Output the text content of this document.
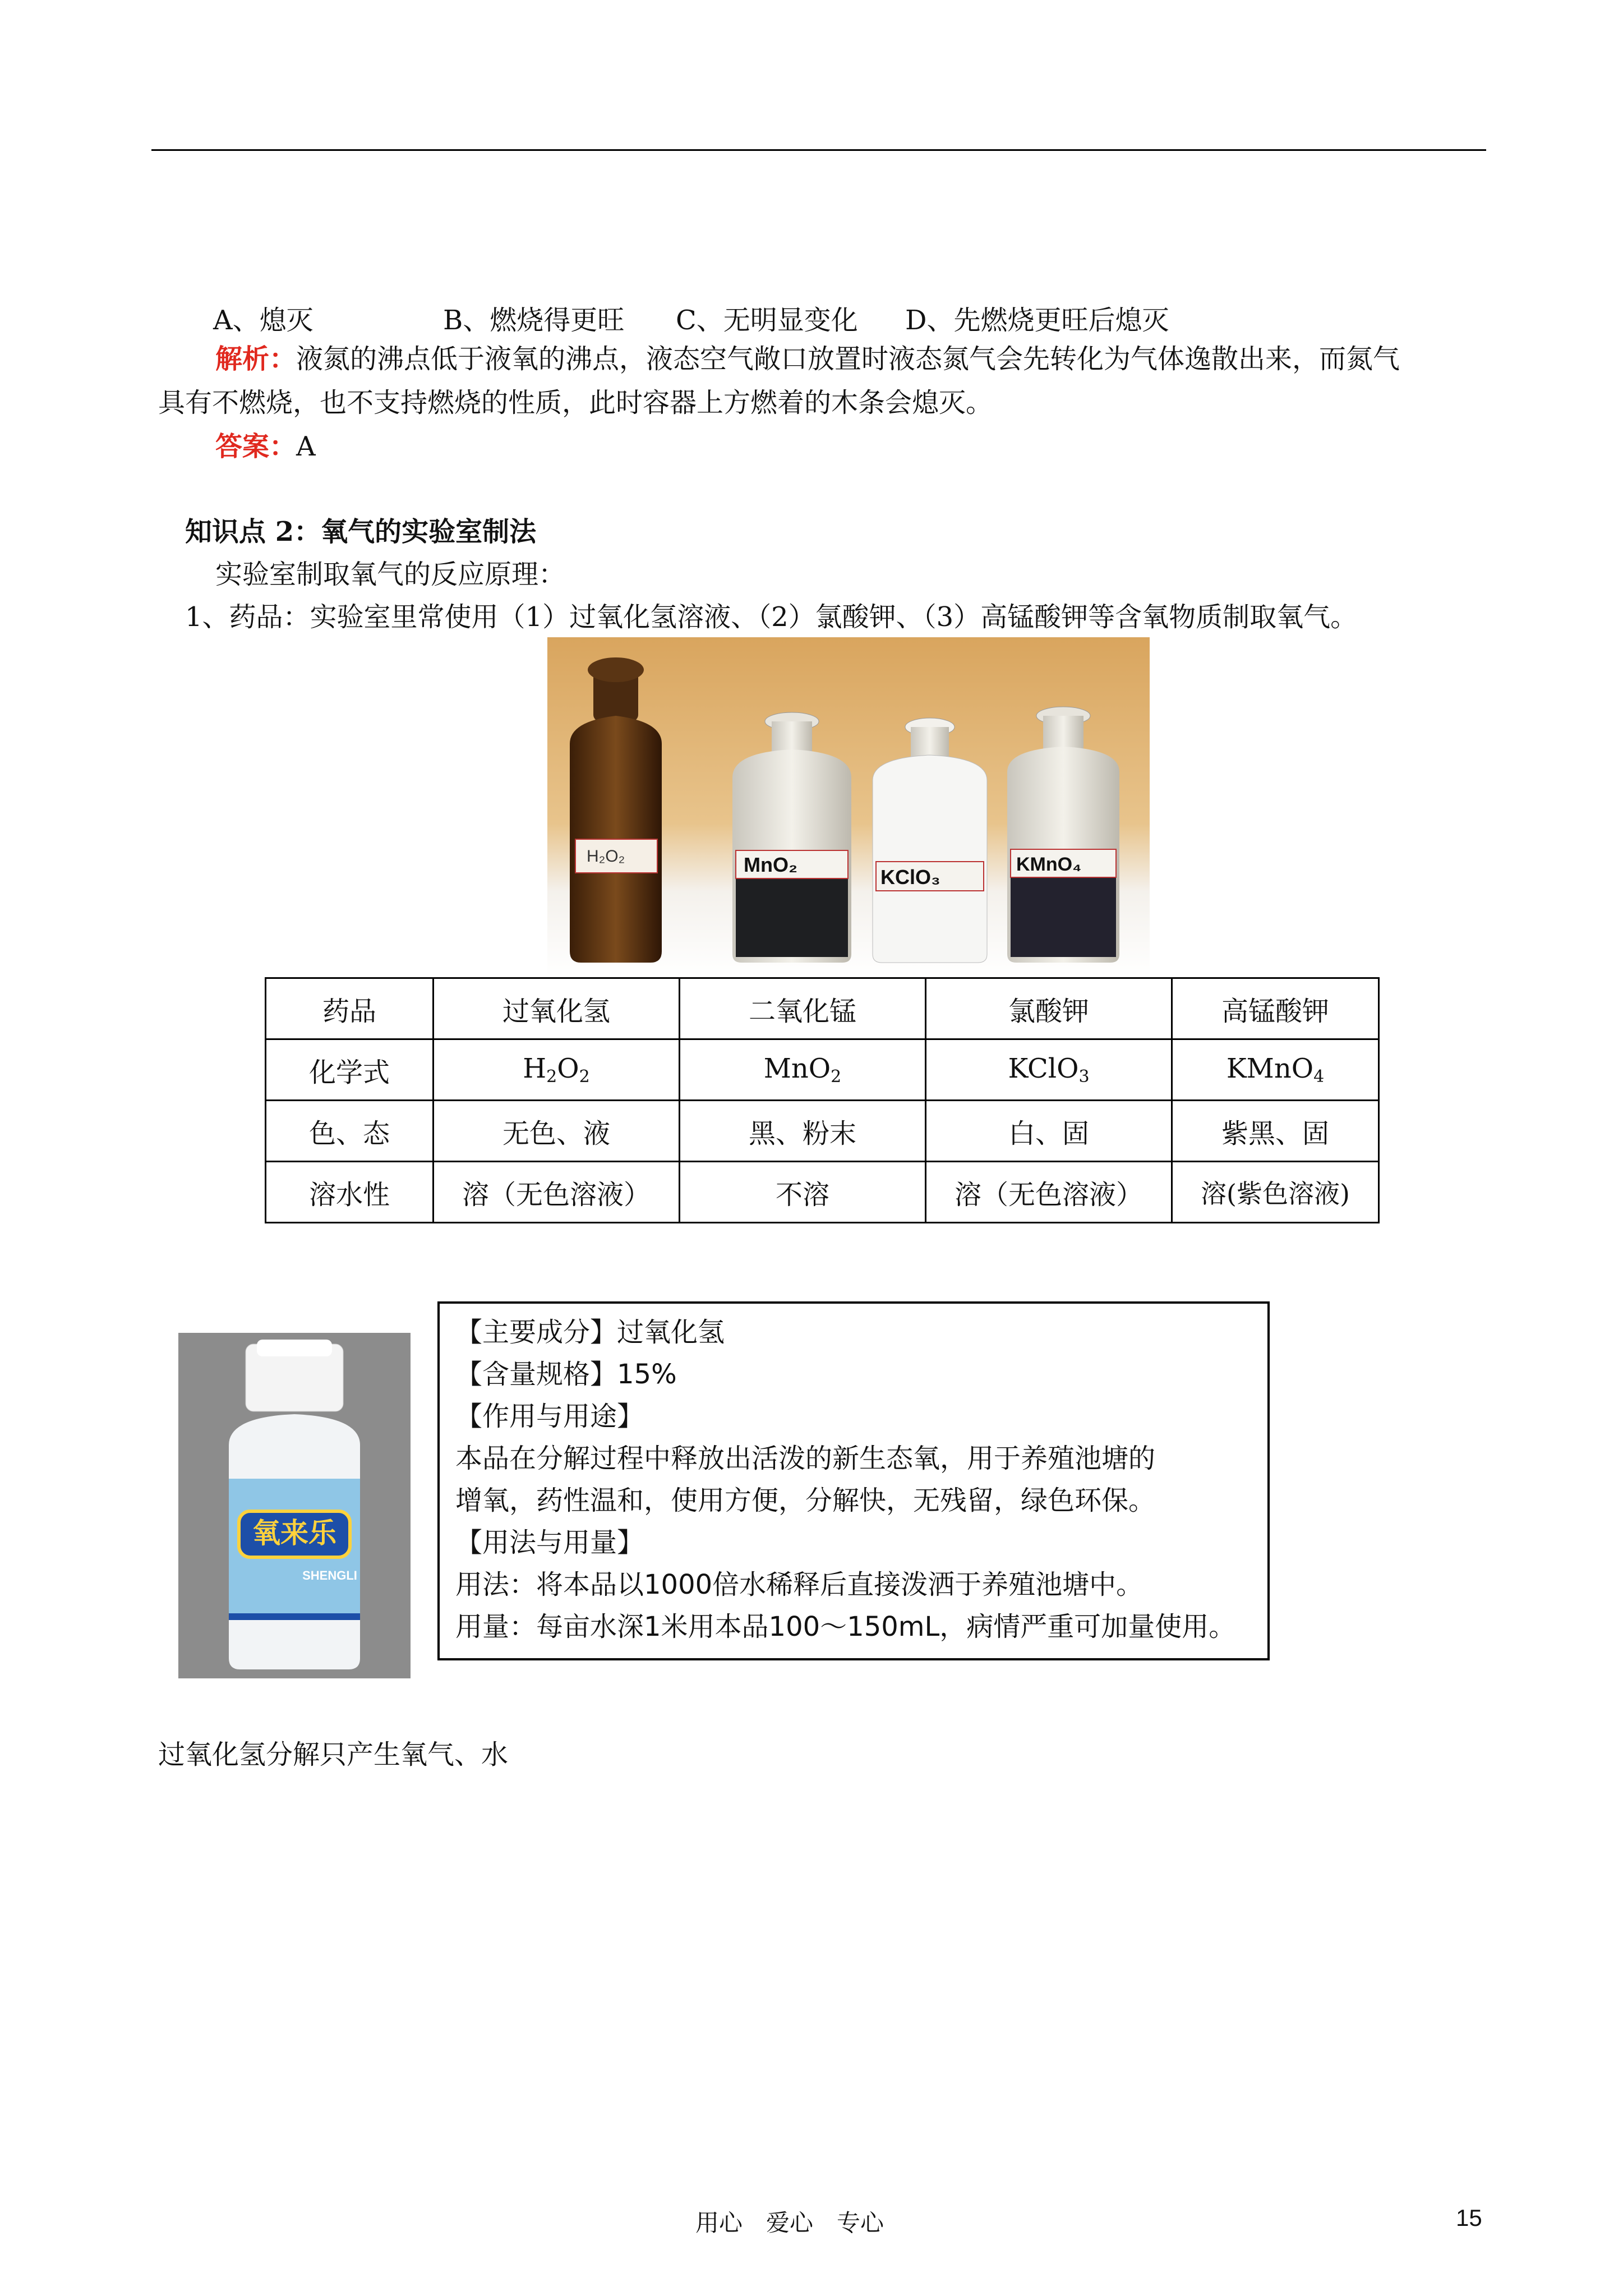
A、熄灭	B、燃烧得更旺 C、无明显变化 D、先燃烧更旺后熄灭
解析：液氮的沸点低于液氧的沸点，液态空气敞口放置时液态氮气会先转化为气体逸散出来，而氮气
具有不燃烧，也不支持燃烧的性质，此时容器上方燃着的木条会熄灭。
答案：A
知识点 2：氧气的实验室制法
实验室制取氧气的反应原理：
1、药品：实验室里常使用（1）过氧化氢溶液、（2）氯酸钾、（3）高锰酸钾等含氧物质制取氧气。
H₂O₂	MnO₂
KClO₃
KMnO₄
药品	过氧化氢	二氧化锰	氯酸钾	高锰酸钾
化学式	$H_2O_2$	MnO$_2$	KClO$_3$	KMnO$_4$
色、态	无色、液	黑、粉末	白、固	紫黑、固
溶水性	溶（无色溶液）	不溶	溶（无色溶液）	溶(紫色溶液)
氧来乐
SHENGLI
【主要成分】过氧化氢
【含量规格】15%
【作用与用途】
本品在分解过程中释放出活泼的新生态氧，用于养殖池塘的
增氧，药性温和，使用方便，分解快，无残留，绿色环保。
【用法与用量】
用法：将本品以1000倍水稀释后直接泼洒于养殖池塘中。
用量：每亩水深1米用本品100～150mL，病情严重可加量使用。
过氧化氢分解只产生氧气、水
用心　爱心　专心	15
